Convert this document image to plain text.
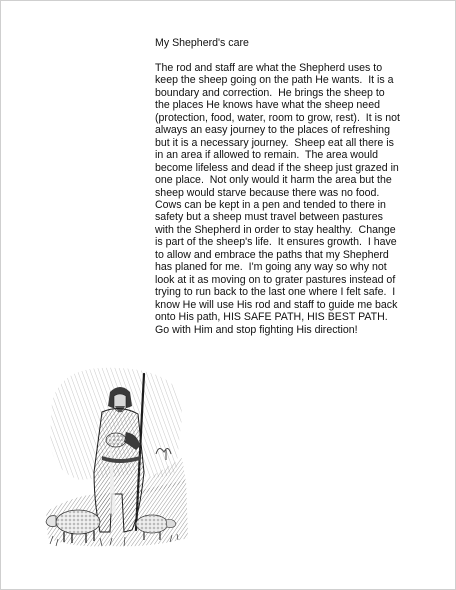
My Shepherd's care

The rod and staff are what the Shepherd uses to
keep the sheep going on the path He wants.  It is a
boundary and correction.  He brings the sheep to
the places He knows have what the sheep need
(protection, food, water, room to grow, rest).  It is not
always an easy journey to the places of refreshing
but it is a necessary journey.  Sheep eat all there is
in an area if allowed to remain.  The area would
become lifeless and dead if the sheep just grazed in
one place.  Not only would it harm the area but the
sheep would starve because there was no food.
Cows can be kept in a pen and tended to there in
safety but a sheep must travel between pastures
with the Shepherd in order to stay healthy.  Change
is part of the sheep's life.  It ensures growth.  I have
to allow and embrace the paths that my Shepherd
has planed for me.  I'm going any way so why not
look at it as moving on to grater pastures instead of
trying to run back to the last one where I felt safe.  I
know He will use His rod and staff to guide me back
onto His path, HIS SAFE PATH, HIS BEST PATH.
Go with Him and stop fighting His direction!
